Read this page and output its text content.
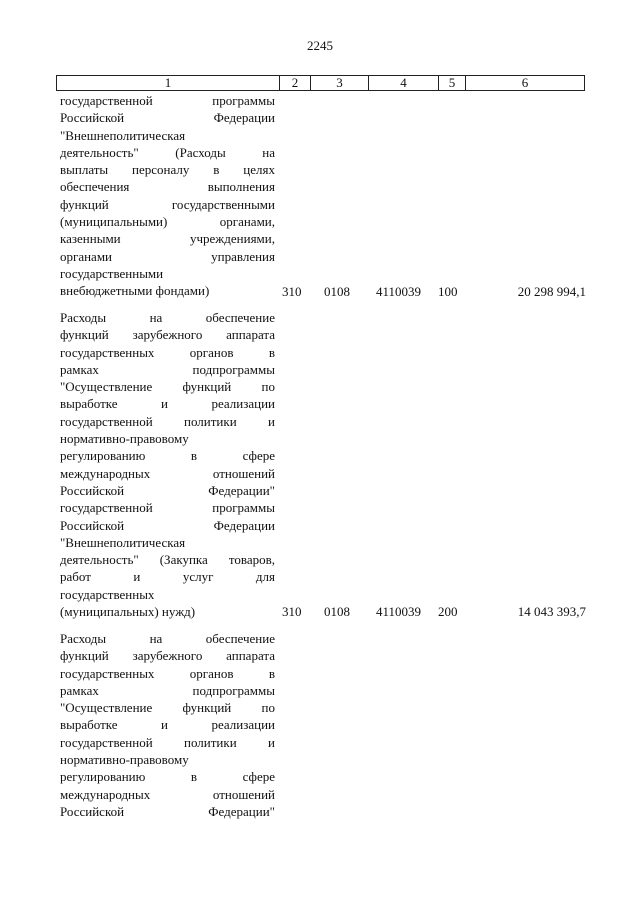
2245
1	2	3	4	5	6
государственной программы
Российской Федерации
"Внешнеполитическая
деятельность" (Расходы на
выплаты персоналу в целях
обеспечения выполнения
функций государственными
(муниципальными) органами,
казенными учреждениями,
органами управления
государственными
внебюджетными фондами)	310 0108 4110039 100	20 298 994,1
Расходы на обеспечение
функций зарубежного аппарата
государственных органов в
рамках подпрограммы
"Осуществление функций по
выработке и реализации
государственной политики и
нормативно-правовому
регулированию в сфере
международных отношений
Российской Федерации"
государственной программы
Российской Федерации
"Внешнеполитическая
деятельность" (Закупка товаров,
работ и услуг для
государственных
(муниципальных) нужд)	310 0108 4110039 200	14 043 393,7
Расходы на обеспечение
функций зарубежного аппарата
государственных органов в
рамках подпрограммы
"Осуществление функций по
выработке и реализации
государственной политики и
нормативно-правовому
регулированию в сфере
международных отношений
Российской Федерации"
